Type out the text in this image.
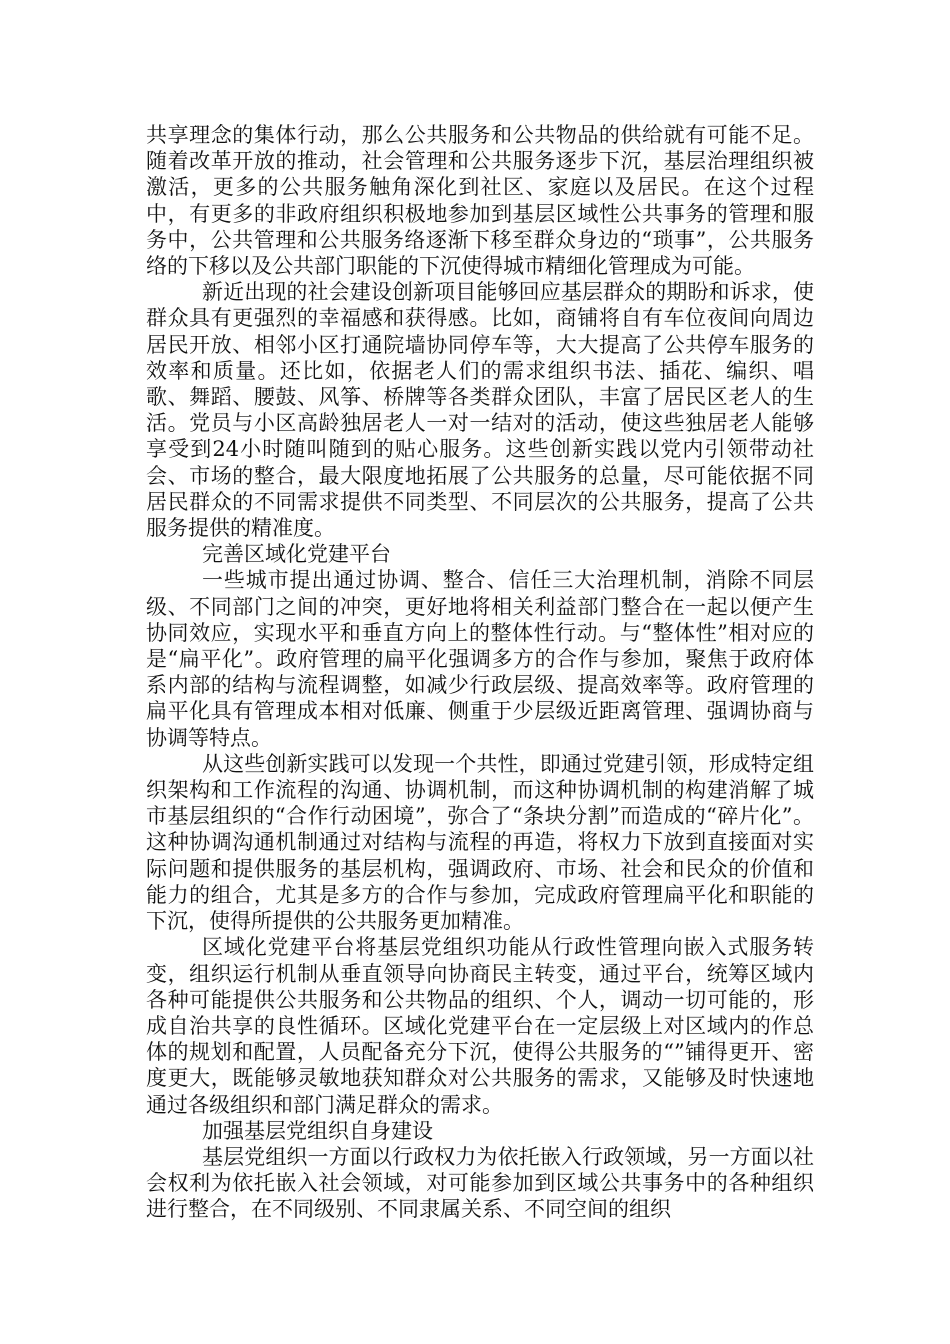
共享理念的集体行动，那么公共服务和公共物品的供给就有可能不足。随着改革开放的推动，社会管理和公共服务逐步下沉，基层治理组织被激活，更多的公共服务触角深化到社区、家庭以及居民。在这个过程中，有更多的非政府组织积极地参加到基层区域性公共事务的管理和服务中，公共管理和公共服务络逐渐下移至群众身边的“琐事”，公共服务络的下移以及公共部门职能的下沉使得城市精细化管理成为可能。

新近出现的社会建设创新项目能够回应基层群众的期盼和诉求，使群众具有更强烈的幸福感和获得感。比如，商铺将自有车位夜间向周边居民开放、相邻小区打通院墙协同停车等，大大提高了公共停车服务的效率和质量。还比如，依据老人们的需求组织书法、插花、编织、唱歌、舞蹈、腰鼓、风筝、桥牌等各类群众团队，丰富了居民区老人的生活。党员与小区高龄独居老人一对一结对的活动，使这些独居老人能够享受到24小时随叫随到的贴心服务。这些创新实践以党内引领带动社会、市场的整合，最大限度地拓展了公共服务的总量，尽可能依据不同居民群众的不同需求提供不同类型、不同层次的公共服务，提高了公共服务提供的精准度。

完善区域化党建平台

一些城市提出通过协调、整合、信任三大治理机制，消除不同层级、不同部门之间的冲突，更好地将相关利益部门整合在一起以便产生协同效应，实现水平和垂直方向上的整体性行动。与“整体性”相对应的是“扁平化”。政府管理的扁平化强调多方的合作与参加，聚焦于政府体系内部的结构与流程调整，如减少行政层级、提高效率等。政府管理的扁平化具有管理成本相对低廉、侧重于少层级近距离管理、强调协商与协调等特点。

从这些创新实践可以发现一个共性，即通过党建引领，形成特定组织架构和工作流程的沟通、协调机制，而这种协调机制的构建消解了城市基层组织的“合作行动困境”，弥合了“条块分割”而造成的“碎片化”。这种协调沟通机制通过对结构与流程的再造，将权力下放到直接面对实际问题和提供服务的基层机构，强调政府、市场、社会和民众的价值和能力的组合，尤其是多方的合作与参加，完成政府管理扁平化和职能的下沉，使得所提供的公共服务更加精准。

区域化党建平台将基层党组织功能从行政性管理向嵌入式服务转变，组织运行机制从垂直领导向协商民主转变，通过平台，统筹区域内各种可能提供公共服务和公共物品的组织、个人，调动一切可能的，形成自治共享的良性循环。区域化党建平台在一定层级上对区域内的作总体的规划和配置，人员配备充分下沉，使得公共服务的“”铺得更开、密度更大，既能够灵敏地获知群众对公共服务的需求，又能够及时快速地通过各级组织和部门满足群众的需求。

加强基层党组织自身建设

基层党组织一方面以行政权力为依托嵌入行政领域，另一方面以社会权利为依托嵌入社会领域，对可能参加到区域公共事务中的各种组织进行整合，在不同级别、不同隶属关系、不同空间的组织
